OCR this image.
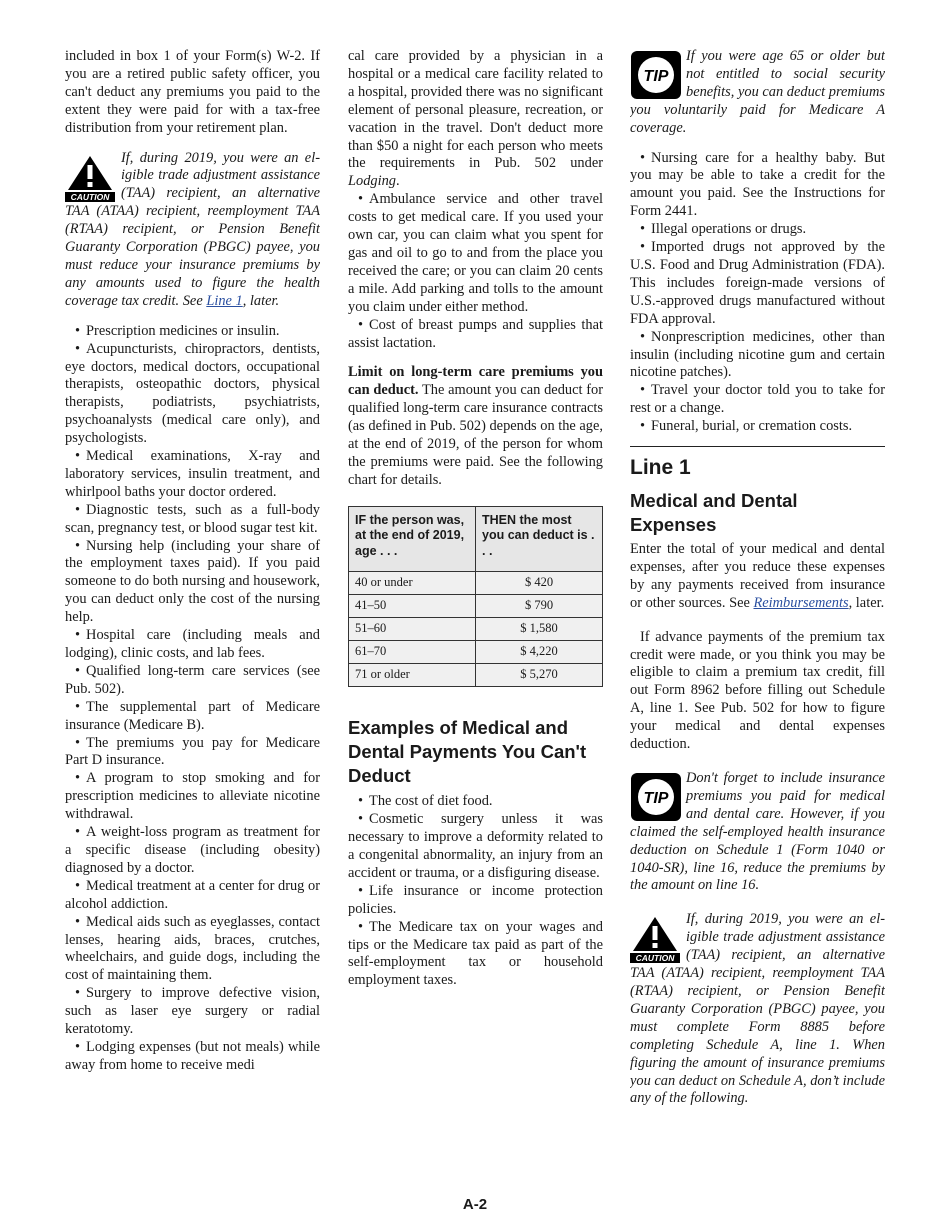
included in box 1 of your Form(s) W-2. If you are a retired public safety officer, you can't deduct any premiums you paid to the extent they were paid for with a tax-free distribution from your retirement plan.

CAUTION
If, during 2019, you were an eligible trade adjustment assistance (TAA) recipient, an alternative TAA (ATAA) recipient, reemployment TAA (RTAA) recipient, or Pension Benefit Guaranty Corporation (PBGC) payee, you must reduce your insurance premiums by any amounts used to figure the health coverage tax credit. See Line 1, later.

• Prescription medicines or insulin.

• Acupuncturists, chiropractors, dentists, eye doctors, medical doctors, occupational therapists, osteopathic doctors, physical therapists, podiatrists, psychiatrists, psychoanalysts (medical care only), and psychologists.

• Medical examinations, X-ray and laboratory services, insulin treatment, and whirlpool baths your doctor ordered.

• Diagnostic tests, such as a full-body scan, pregnancy test, or blood sugar test kit.

• Nursing help (including your share of the employment taxes paid). If you paid someone to do both nursing and housework, you can deduct only the cost of the nursing help.

• Hospital care (including meals and lodging), clinic costs, and lab fees.

• Qualified long-term care services (see Pub. 502).

• The supplemental part of Medicare insurance (Medicare B).

• The premiums you pay for Medicare Part D insurance.

• A program to stop smoking and for prescription medicines to alleviate nicotine withdrawal.

• A weight-loss program as treatment for a specific disease (including obesity) diagnosed by a doctor.

• Medical treatment at a center for drug or alcohol addiction.

• Medical aids such as eyeglasses, contact lenses, hearing aids, braces, crutches, wheelchairs, and guide dogs, including the cost of maintaining them.

• Surgery to improve defective vision, such as laser eye surgery or radial keratotomy.

• Lodging expenses (but not meals) while away from home to receive medi

cal care provided by a physician in a hospital or a medical care facility related to a hospital, provided there was no significant element of personal pleasure, recreation, or vacation in the travel. Don't deduct more than $50 a night for each person who meets the requirements in Pub. 502 under Lodging.

• Ambulance service and other travel costs to get medical care. If you used your own car, you can claim what you spent for gas and oil to go to and from the place you received the care; or you can claim 20 cents a mile. Add parking and tolls to the amount you claim under either method.

• Cost of breast pumps and supplies that assist lactation.

Limit on long-term care premiums you can deduct. The amount you can deduct for qualified long-term care insurance contracts (as defined in Pub. 502) depends on the age, at the end of 2019, of the person for whom the premiums were paid. See the following chart for details.

IF the person was, at the end of 2019, age . . .	THEN the most you can deduct is . . .
40 or under	$ 420
41–50	$ 790
51–60	$ 1,580
61–70	$ 4,220
71 or older	$ 5,270
Examples of Medical and Dental Payments You Can't Deduct

• The cost of diet food.

• Cosmetic surgery unless it was necessary to improve a deformity related to a congenital abnormality, an injury from an accident or trauma, or a disfiguring disease.

• Life insurance or income protection policies.

• The Medicare tax on your wages and tips or the Medicare tax paid as part of the self-employment tax or household employment taxes.

TIP
If you were age 65 or older but not entitled to social security benefits, you can deduct premiums you voluntarily paid for Medicare A coverage.

• Nursing care for a healthy baby. But you may be able to take a credit for the amount you paid. See the Instructions for Form 2441.

• Illegal operations or drugs.

• Imported drugs not approved by the U.S. Food and Drug Administration (FDA). This includes foreign-made versions of U.S.-approved drugs manufactured without FDA approval.

• Nonprescription medicines, other than insulin (including nicotine gum and certain nicotine patches).

• Travel your doctor told you to take for rest or a change.

• Funeral, burial, or cremation costs.

Line 1
Medical and Dental Expenses

Enter the total of your medical and dental expenses, after you reduce these expenses by any payments received from insurance or other sources. See Reimbursements, later.

If advance payments of the premium tax credit were made, or you think you may be eligible to claim a premium tax credit, fill out Form 8962 before filling out Schedule A, line 1. See Pub. 502 for how to figure your medical and dental expenses deduction.

TIP
Don't forget to include insurance premiums you paid for medical and dental care. However, if you claimed the self-employed health insurance deduction on Schedule 1 (Form 1040 or 1040-SR), line 16, reduce the premiums by the amount on line 16.
CAUTION
If, during 2019, you were an eligible trade adjustment assistance (TAA) recipient, an alternative TAA (ATAA) recipient, reemployment TAA (RTAA) recipient, or Pension Benefit Guaranty Corporation (PBGC) payee, you must complete Form 8885 before completing Schedule A, line 1. When figuring the amount of insurance premiums you can deduct on Schedule A, don’t include any of the following.
A-2
